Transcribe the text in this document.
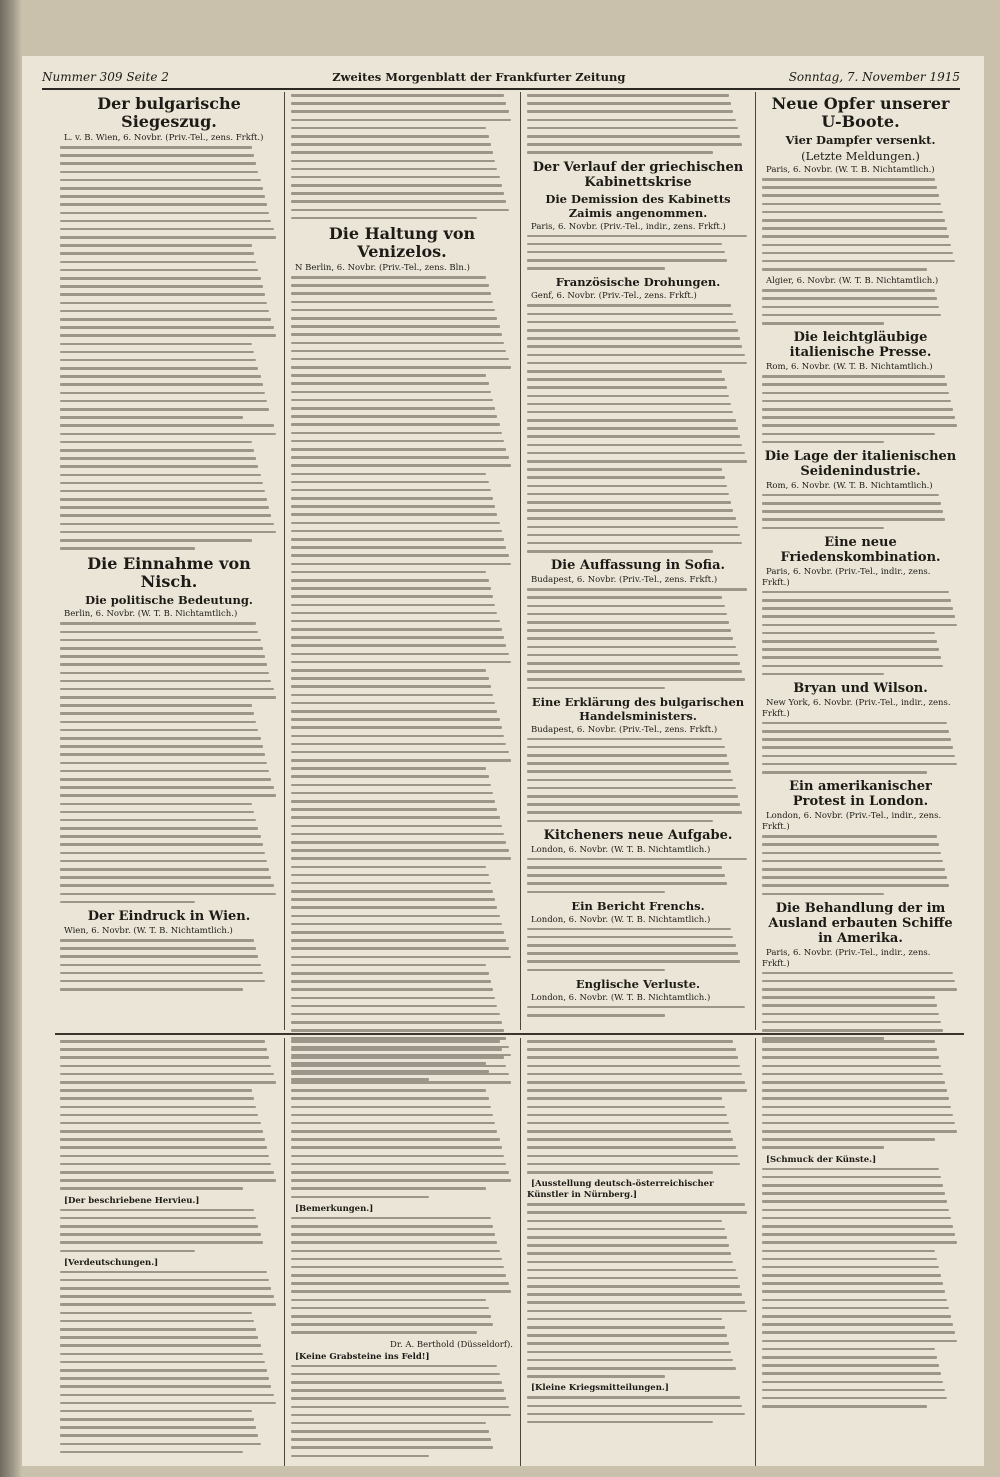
Nummer 309 Seite 2	Zweites Morgenblatt der Frankfurter Zeitung	Sonntag, 7. November 1915
Der bulgarische Siegeszug.
L. v. B. Wien, 6. Novbr. (Priv.-Tel., zens. Frkft.)
Die Einnahme von Nisch.
Die politische Bedeutung.
Berlin, 6. Novbr. (W. T. B. Nichtamtlich.)
Der Eindruck in Wien.
Wien, 6. Novbr. (W. T. B. Nichtamtlich.)
Die Haltung von Venizelos.
N Berlin, 6. Novbr. (Priv.-Tel., zens. Bln.)
Der Verlauf der griechischen Kabinettskrise
Die Demission des Kabinetts Zaimis angenommen.
Paris, 6. Novbr. (Priv.-Tel., indir., zens. Frkft.)
Französische Drohungen.
Genf, 6. Novbr. (Priv.-Tel., zens. Frkft.)
Die Auffassung in Sofia.
Budapest, 6. Novbr. (Priv.-Tel., zens. Frkft.)
Eine Erklärung des bulgarischen Handelsministers.
Budapest, 6. Novbr. (Priv.-Tel., zens. Frkft.)
Kitcheners neue Aufgabe.
London, 6. Novbr. (W. T. B. Nichtamtlich.)
Ein Bericht Frenchs.
London, 6. Novbr. (W. T. B. Nichtamtlich.)
Englische Verluste.
London, 6. Novbr. (W. T. B. Nichtamtlich.)
Neue Opfer unserer U-Boote.
Vier Dampfer versenkt.
(Letzte Meldungen.)
Paris, 6. Novbr. (W. T. B. Nichtamtlich.)
Algier, 6. Novbr. (W. T. B. Nichtamtlich.)
Die leichtgläubige italienische Presse.
Rom, 6. Novbr. (W. T. B. Nichtamtlich.)
Die Lage der italienischen Seidenindustrie.
Rom, 6. Novbr. (W. T. B. Nichtamtlich.)
Eine neue Friedenskombination.
Paris, 6. Novbr. (Priv.-Tel., indir., zens. Frkft.)
Bryan und Wilson.
New York, 6. Novbr. (Priv.-Tel., indir., zens. Frkft.)
Ein amerikanischer Protest in London.
London, 6. Novbr. (Priv.-Tel., indir., zens. Frkft.)
Die Behandlung der im Ausland erbauten Schiffe in Amerika.
Paris, 6. Novbr. (Priv.-Tel., indir., zens. Frkft.)
[Der beschriebene Hervieu.]
[Verdeutschungen.]
[Bemerkungen.]
Dr. A. Berthold (Düsseldorf).
[Keine Grabsteine ins Feld!]
[Ausstellung deutsch-österreichischer Künstler in Nürnberg.]
[Kleine Kriegsmitteilungen.]
[Schmuck der Künste.]
